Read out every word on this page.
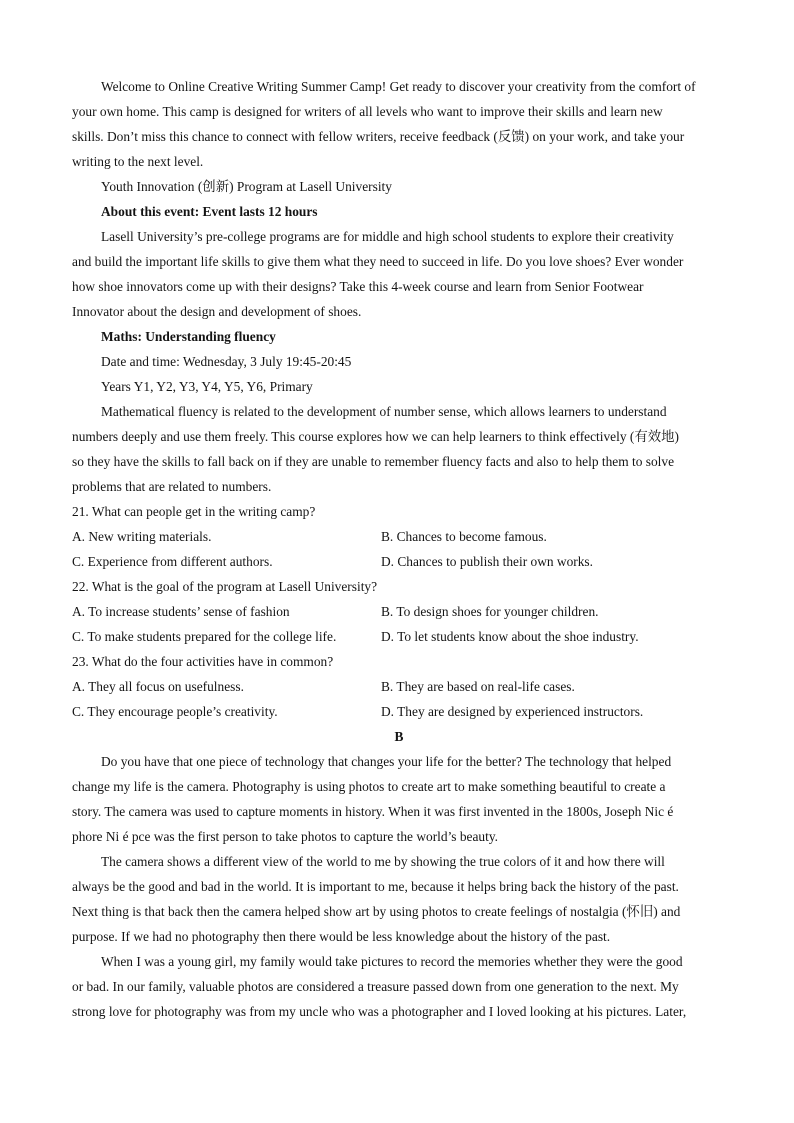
Welcome to Online Creative Writing Summer Camp! Get ready to discover your creativity from the comfort of
your own home. This camp is designed for writers of all levels who want to improve their skills and learn new
skills. Don’t miss this chance to connect with fellow writers, receive feedback (反馈) on your work, and take your
writing to the next level.
Youth Innovation (创新) Program at Lasell University
About this event: Event lasts 12 hours
Lasell University’s pre-college programs are for middle and high school students to explore their creativity
and build the important life skills to give them what they need to succeed in life. Do you love shoes? Ever wonder
how shoe innovators come up with their designs? Take this 4-week course and learn from Senior Footwear
Innovator about the design and development of shoes.
Maths: Understanding fluency
Date and time: Wednesday, 3 July 19:45-20:45
Years Y1, Y2, Y3, Y4, Y5, Y6, Primary
Mathematical fluency is related to the development of number sense, which allows learners to understand
numbers deeply and use them freely. This course explores how we can help learners to think effectively (有效地)
so they have the skills to fall back on if they are unable to remember fluency facts and also to help them to solve
problems that are related to numbers.
21. What can people get in the writing camp?
A. New writing materials.	B. Chances to become famous.
C. Experience from different authors.	D. Chances to publish their own works.
22. What is the goal of the program at Lasell University?
A. To increase students’ sense of fashion	B. To design shoes for younger children.
C. To make students prepared for the college life.	D. To let students know about the shoe industry.
23. What do the four activities have in common?
A. They all focus on usefulness.	B. They are based on real-life cases.
C. They encourage people’s creativity.	D. They are designed by experienced instructors.
B
Do you have that one piece of technology that changes your life for the better? The technology that helped
change my life is the camera. Photography is using photos to create art to make something beautiful to create a
story. The camera was used to capture moments in history. When it was first invented in the 1800s, Joseph Nic é
phore Ni é pce was the first person to take photos to capture the world’s beauty.
The camera shows a different view of the world to me by showing the true colors of it and how there will
always be the good and bad in the world. It is important to me, because it helps bring back the history of the past.
Next thing is that back then the camera helped show art by using photos to create feelings of nostalgia (怀旧) and
purpose. If we had no photography then there would be less knowledge about the history of the past.
When I was a young girl, my family would take pictures to record the memories whether they were the good
or bad. In our family, valuable photos are considered a treasure passed down from one generation to the next. My
strong love for photography was from my uncle who was a photographer and I loved looking at his pictures. Later,
